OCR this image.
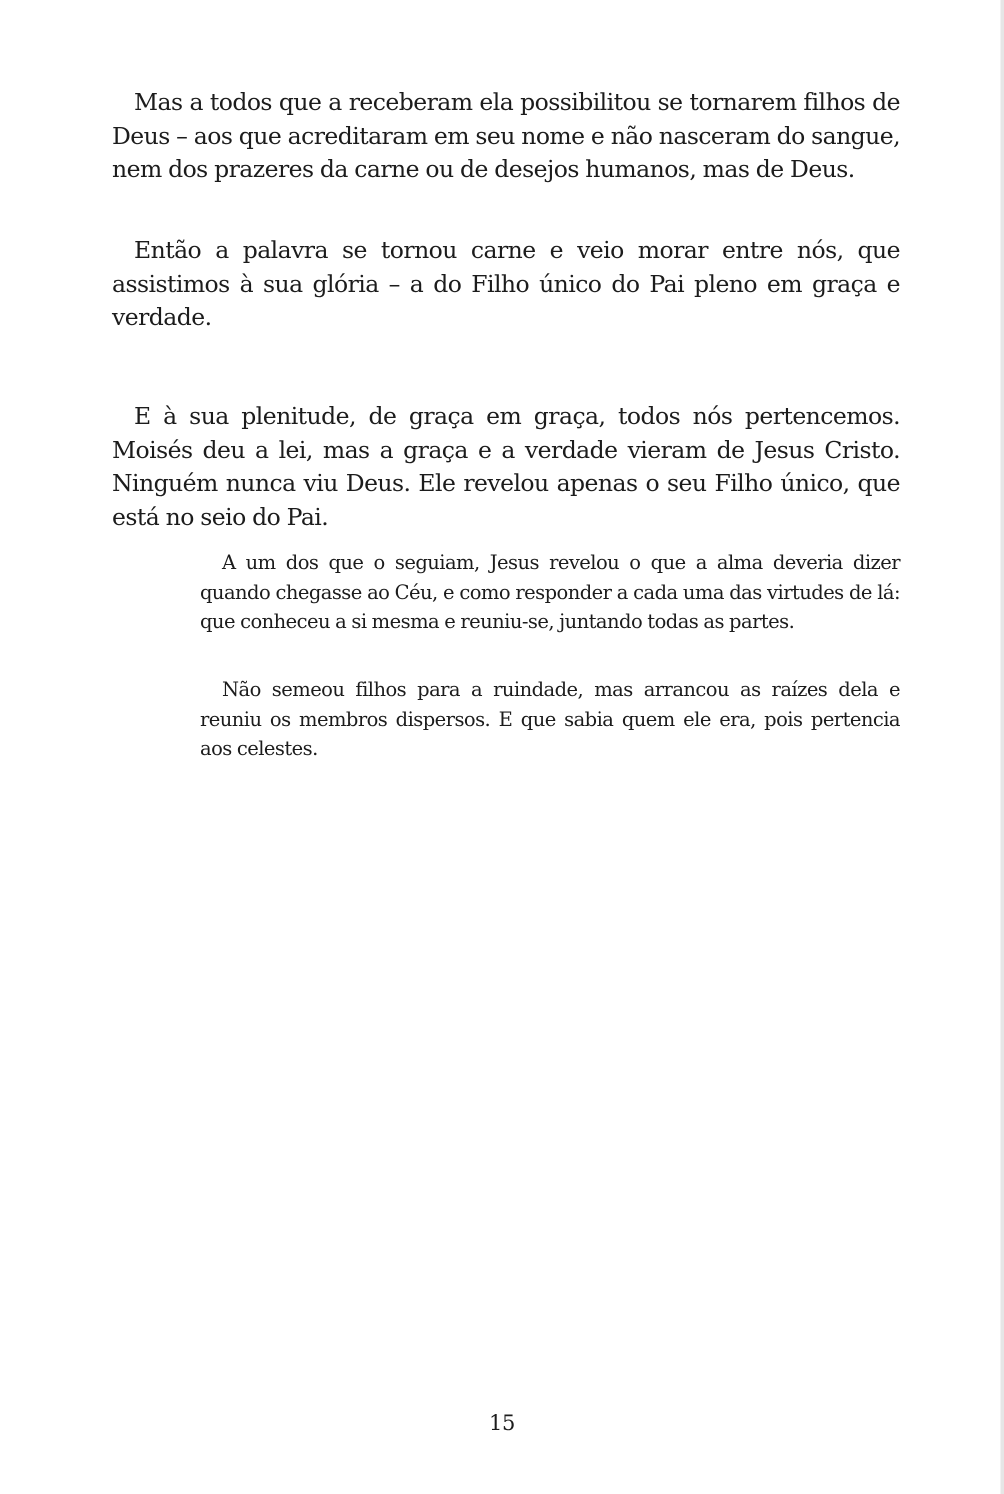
Mas a todos que a receberam ela possibilitou se tornarem filhos de Deus – aos que acreditaram em seu nome e não nasceram do sangue, nem dos prazeres da carne ou de desejos humanos, mas de Deus.

Então a palavra se tornou carne e veio morar entre nós, que assistimos à sua glória – a do Filho único do Pai pleno em graça e verdade.

E à sua plenitude, de graça em graça, todos nós pertencemos. Moisés deu a lei, mas a graça e a verdade vieram de Jesus Cristo. Ninguém nunca viu Deus. Ele revelou apenas o seu Filho único, que está no seio do Pai.

A um dos que o seguiam, Jesus revelou o que a alma deveria dizer quando chegasse ao Céu, e como responder a cada uma das virtudes de lá: que conheceu a si mesma e reuniu-se, juntando todas as partes.

Não semeou filhos para a ruindade, mas arrancou as raízes dela e reuniu os membros dispersos. E que sabia quem ele era, pois pertencia aos celestes.

15
